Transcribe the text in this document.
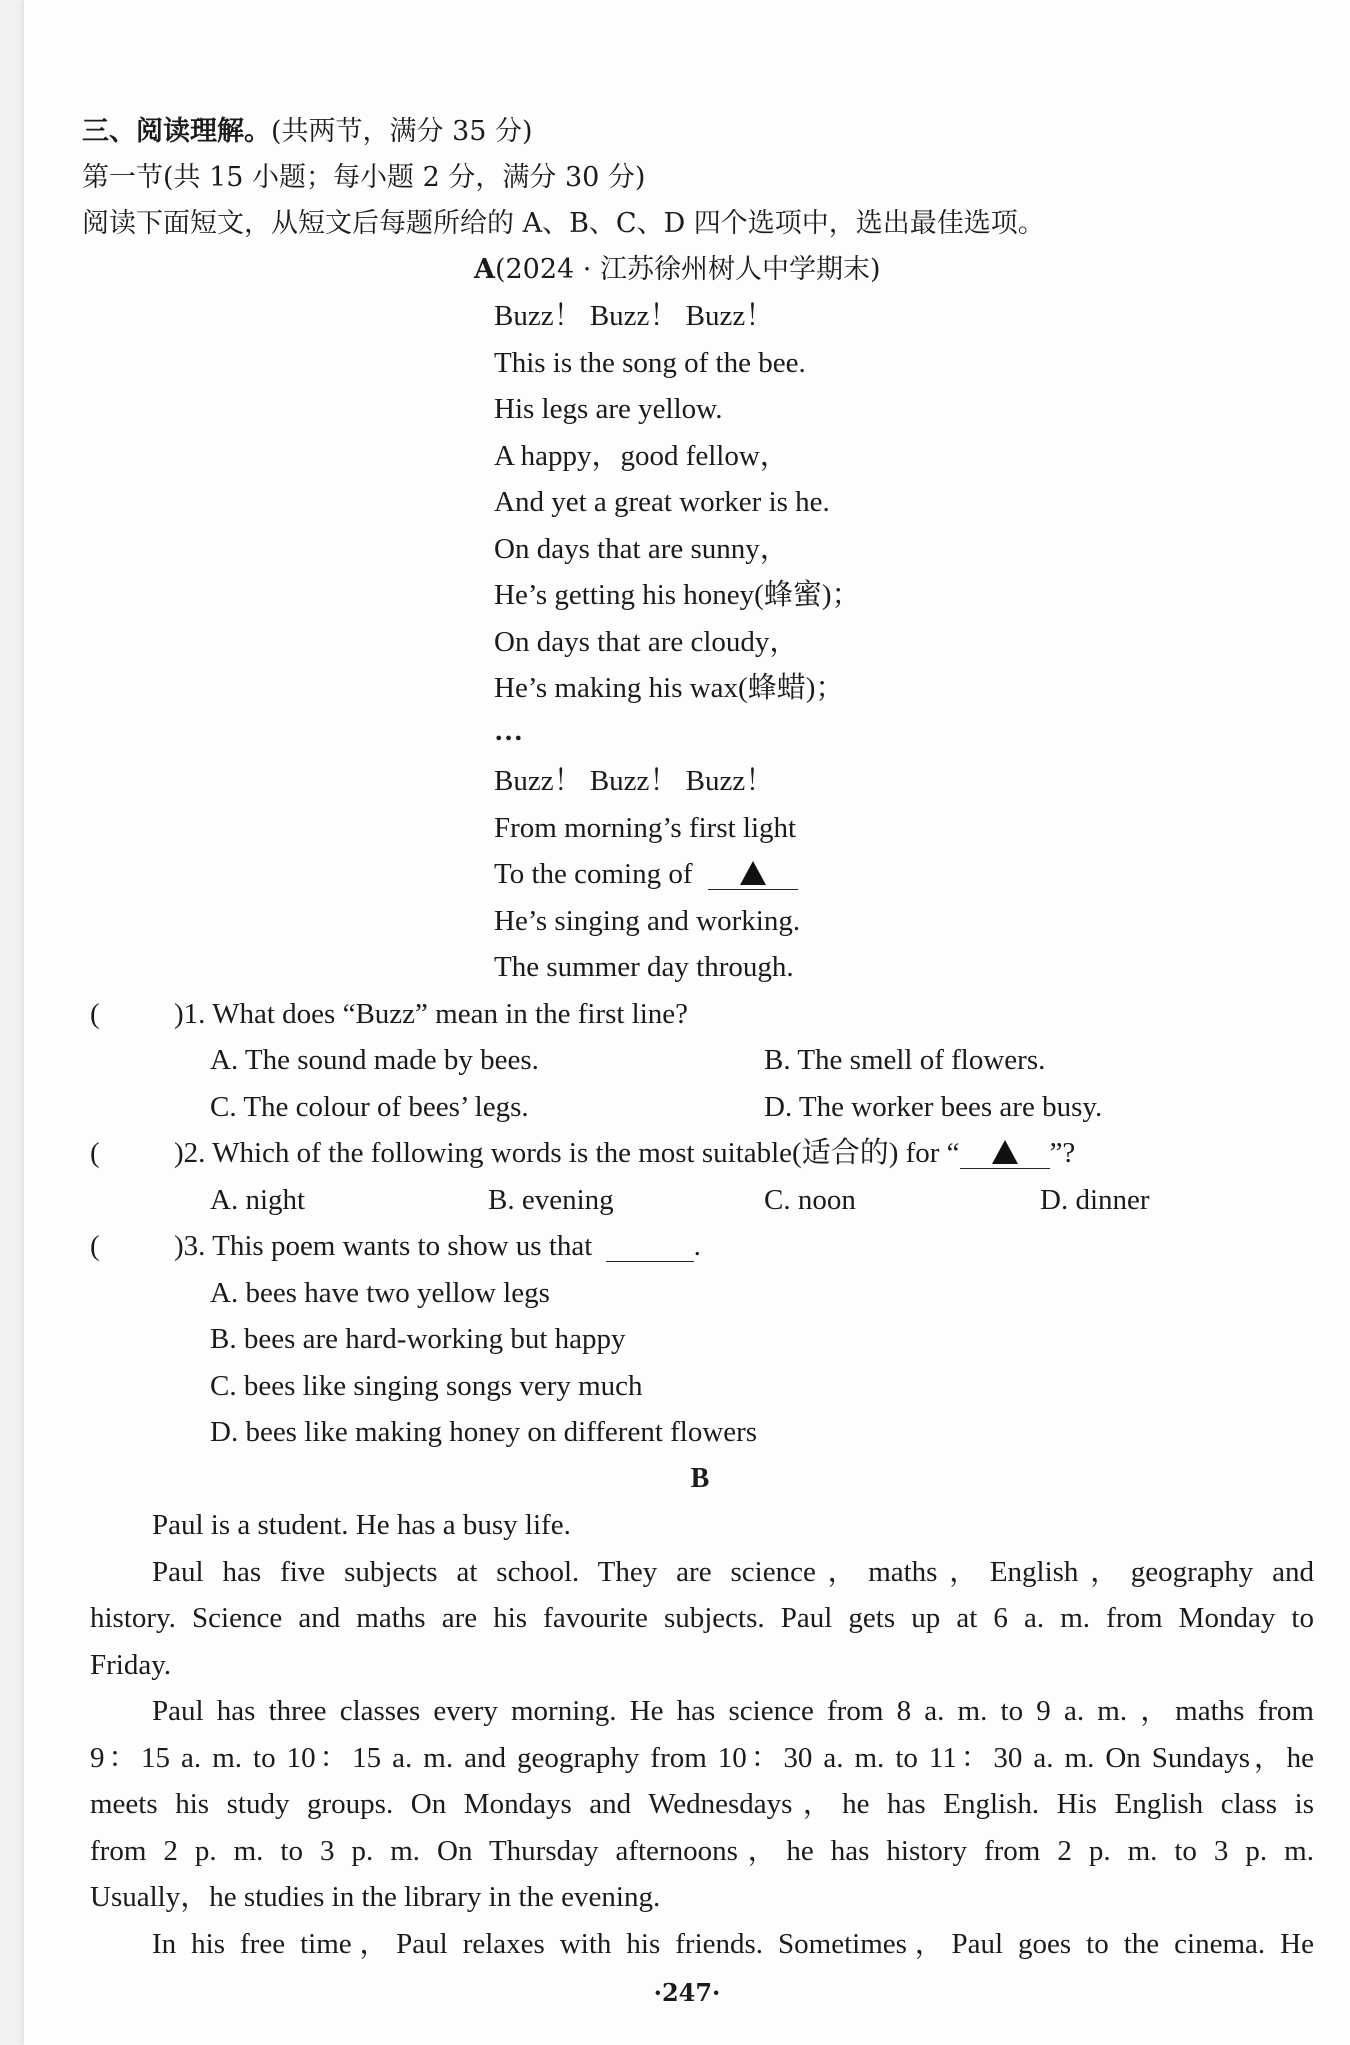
三、阅读理解。(共两节，满分 35 分)
第一节(共 15 小题；每小题 2 分，满分 30 分)
阅读下面短文，从短文后每题所给的 A、B、C、D 四个选项中，选出最佳选项。
A(2024 · 江苏徐州树人中学期末)
Buzz！ Buzz！ Buzz！
This is the song of the bee.
His legs are yellow.
A happy，good fellow，
And yet a great worker is he.
On days that are sunny，
He’s getting his honey(蜂蜜)；
On days that are cloudy，
He’s making his wax(蜂蜡)；
…
Buzz！ Buzz！ Buzz！
From morning’s first light
To the coming of
He’s singing and working.
The summer day through.
(	)1. What does “Buzz” mean in the first line?
A. The sound made by bees.	B. The smell of flowers.
C. The colour of bees’ legs.	D. The worker bees are busy.
(	)2. Which of the following words is the most suitable(适合的) for “	”?
A. night	B. evening	C. noon	D. dinner
(	)3. This poem wants to show us that	.
A. bees have two yellow legs
B. bees are hard-working but happy
C. bees like singing songs very much
D. bees like making honey on different flowers
B
Paul is a student. He has a busy life.
Paul has five subjects at school. They are science，maths，English，geography and
history. Science and maths are his favourite subjects. Paul gets up at 6 a. m. from Monday to
Friday.
Paul has three classes every morning. He has science from 8 a. m. to 9 a. m. ，maths from
9：15 a. m. to 10：15 a. m. and geography from 10：30 a. m. to 11：30 a. m. On Sundays，he
meets his study groups. On Mondays and Wednesdays，he has English. His English class is
from 2 p. m. to 3 p. m. On Thursday afternoons，he has history from 2 p. m. to 3 p. m.
Usually，he studies in the library in the evening.
In his free time，Paul relaxes with his friends. Sometimes，Paul goes to the cinema. He
·247·
